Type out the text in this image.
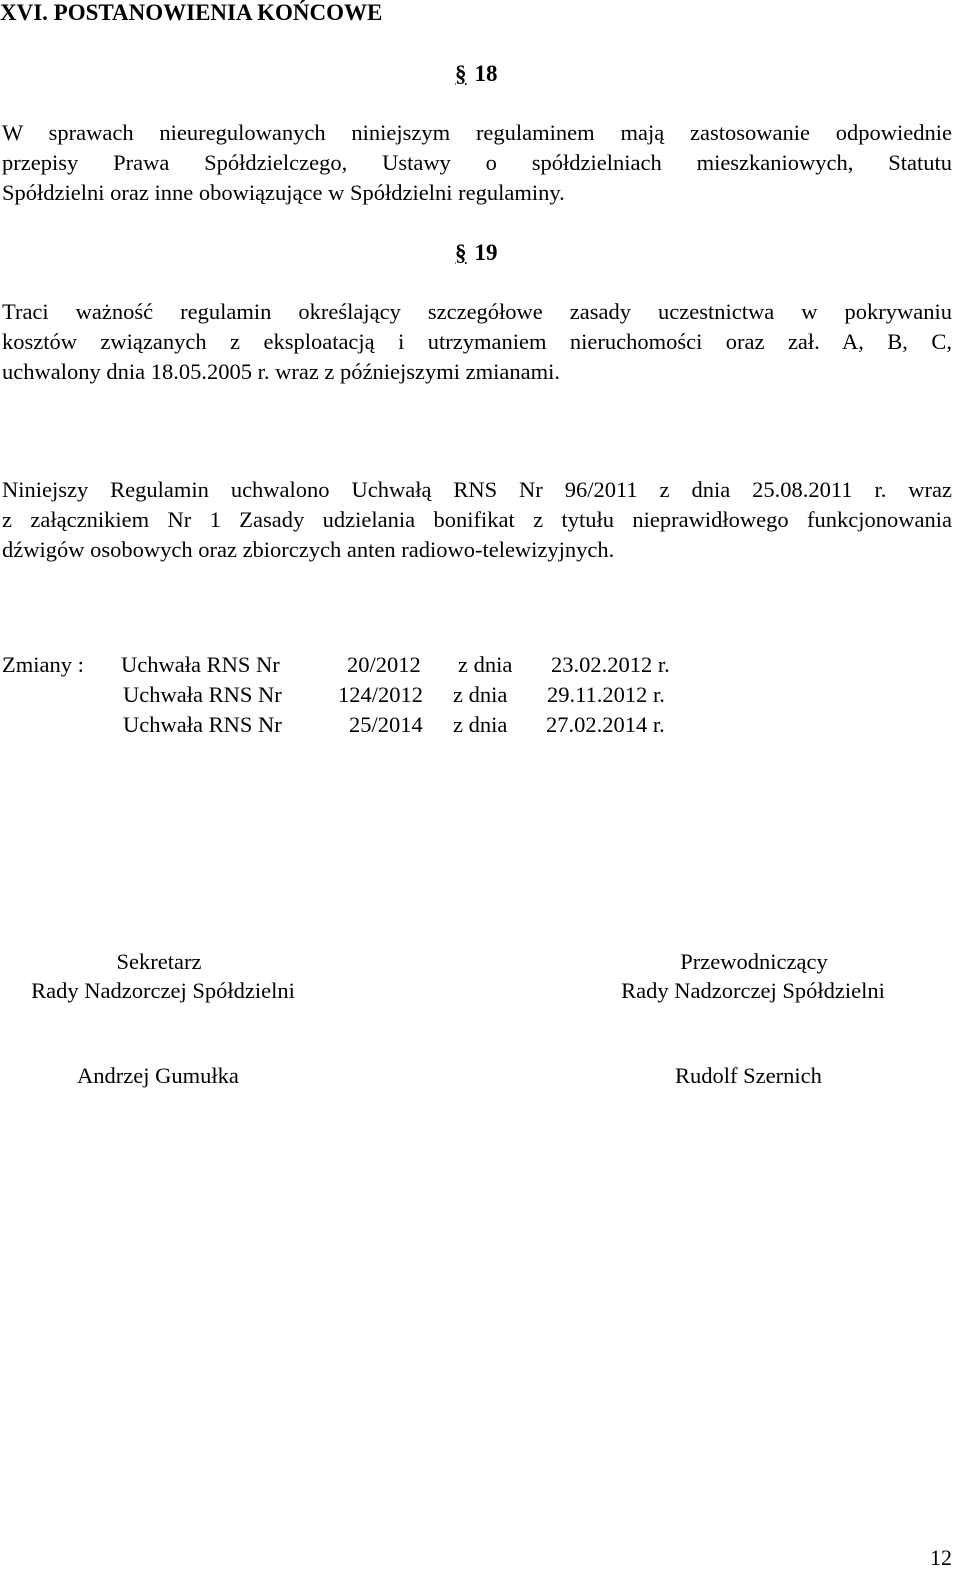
XVI. POSTANOWIENIA KOŃCOWE
§ 18
W sprawach nieuregulowanych niniejszym regulaminem mają zastosowanie odpowiednie
przepisy Prawa Spółdzielczego, Ustawy o spółdzielniach mieszkaniowych, Statutu
Spółdzielni oraz inne obowiązujące w Spółdzielni regulaminy.
§ 19
Traci ważność regulamin określający szczegółowe zasady uczestnictwa w pokrywaniu
kosztów związanych z eksploatacją i utrzymaniem nieruchomości oraz zał. A, B, C,
uchwalony dnia 18.05.2005 r. wraz z późniejszymi zmianami.
Niniejszy Regulamin uchwalono Uchwałą RNS Nr 96/2011 z dnia 25.08.2011 r. wraz
z załącznikiem Nr 1 Zasady udzielania bonifikat z tytułu nieprawidłowego funkcjonowania
dźwigów osobowych oraz zbiorczych anten radiowo-telewizyjnych.
Zmiany : Uchwała RNS Nr	20/2012 z dnia 23.02.2012 r.
Uchwała RNS Nr	124/2012 z dnia 29.11.2012 r.
Uchwała RNS Nr	25/2014 z dnia 27.02.2014 r.
Sekretarz
Rady Nadzorczej Spółdzielni
Andrzej Gumułka
Przewodniczący
Rady Nadzorczej Spółdzielni
Rudolf Szernich
12
